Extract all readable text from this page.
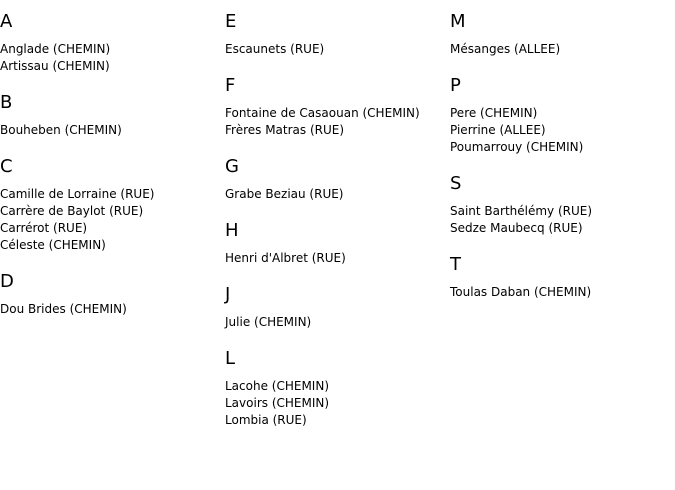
A
Anglade (CHEMIN)
Artissau (CHEMIN)
B
Bouheben (CHEMIN)
C
Camille de Lorraine (RUE)
Carrère de Baylot (RUE)
Carrérot (RUE)
Céleste (CHEMIN)
D
Dou Brides (CHEMIN)
E
Escaunets (RUE)
F
Fontaine de Casaouan (CHEMIN)
Frères Matras (RUE)
G
Grabe Beziau (RUE)
H
Henri d'Albret (RUE)
J
Julie (CHEMIN)
L
Lacohe (CHEMIN)
Lavoirs (CHEMIN)
Lombia (RUE)
M
Mésanges (ALLEE)
P
Pere (CHEMIN)
Pierrine (ALLEE)
Poumarrouy (CHEMIN)
S
Saint Barthélémy (RUE)
Sedze Maubecq (RUE)
T
Toulas Daban (CHEMIN)
